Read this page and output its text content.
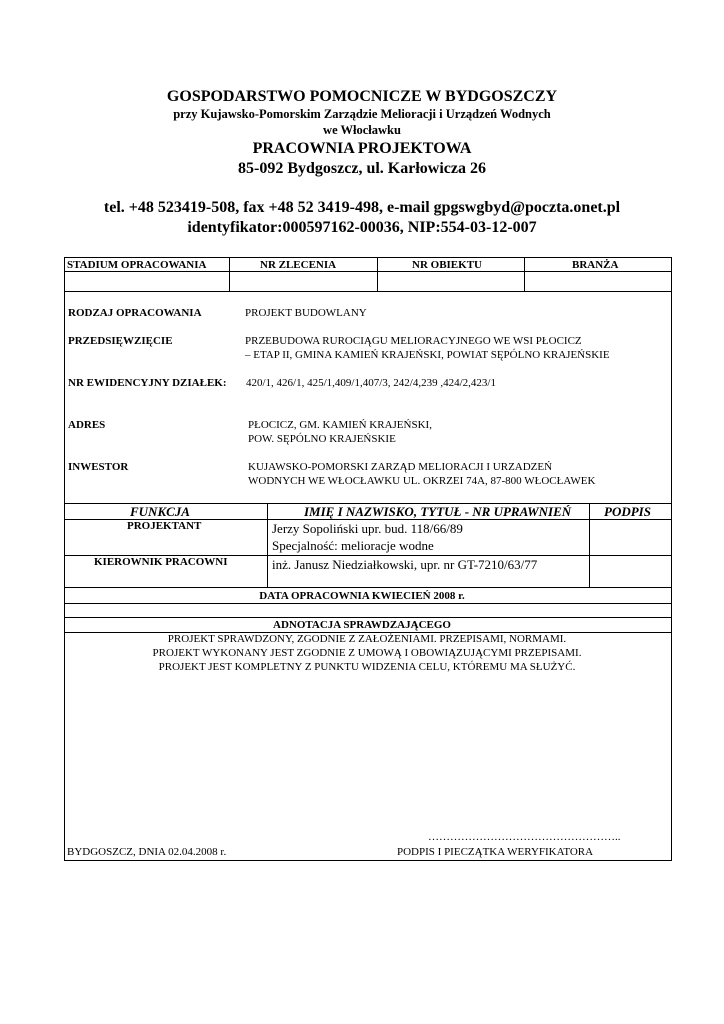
GOSPODARSTWO POMOCNICZE W BYDGOSZCZY
przy Kujawsko-Pomorskim Zarządzie Melioracji i Urządzeń Wodnych
we Włocławku
PRACOWNIA PROJEKTOWA
85-092 Bydgoszcz, ul. Karłowicza 26
tel. +48 523419-508, fax +48 52 3419-498, e-mail gpgswgbyd@poczta.onet.pl
identyfikator:000597162-00036, NIP:554-03-12-007
STADIUM OPRACOWANIA	NR ZLECENIA	NR OBIEKTU	BRANŻA
RODZAJ OPRACOWANIA	PROJEKT BUDOWLANY
PRZEDSIĘWZIĘCIE	PRZEBUDOWA RUROCIĄGU MELIORACYJNEGO WE WSI PŁOCICZ
– ETAP II, GMINA KAMIEŃ KRAJEŃSKI, POWIAT SĘPÓLNO KRAJEŃSKIE
NR EWIDENCYJNY DZIAŁEK: 420/1, 426/1, 425/1,409/1,407/3, 242/4,239 ,424/2,423/1
ADRES	PŁOCICZ, GM. KAMIEŃ KRAJEŃSKI,
POW. SĘPÓLNO KRAJEŃSKIE
INWESTOR	KUJAWSKO-POMORSKI ZARZĄD MELIORACJI I URZADZEŃ
WODNYCH WE WŁOCŁAWKU UL. OKRZEI 74A, 87-800 WŁOCŁAWEK
FUNKCJA	IMIĘ I NAZWISKO, TYTUŁ - NR UPRAWNIEŃ	PODPIS
PROJEKTANT	Jerzy Sopoliński upr. bud. 118/66/89
Specjalność: melioracje wodne
KIEROWNIK PRACOWNI	inż. Janusz Niedziałkowski, upr. nr GT-7210/63/77
DATA OPRACOWNIA KWIECIEŃ 2008 r.
ADNOTACJA SPRAWDZAJĄCEGO
PROJEKT SPRAWDZONY, ZGODNIE Z ZAŁOŻENIAMI. PRZEPISAMI, NORMAMI.
PROJEKT WYKONANY JEST ZGODNIE Z UMOWĄ I OBOWIĄZUJĄCYMI PRZEPISAMI.
PROJEKT JEST KOMPLETNY Z PUNKTU WIDZENIA CELU, KTÓREMU MA SŁUŻYĆ.
……………………………………………..
BYDGOSZCZ, DNIA 02.04.2008 r.	PODPIS I PIECZĄTKA WERYFIKATORA
